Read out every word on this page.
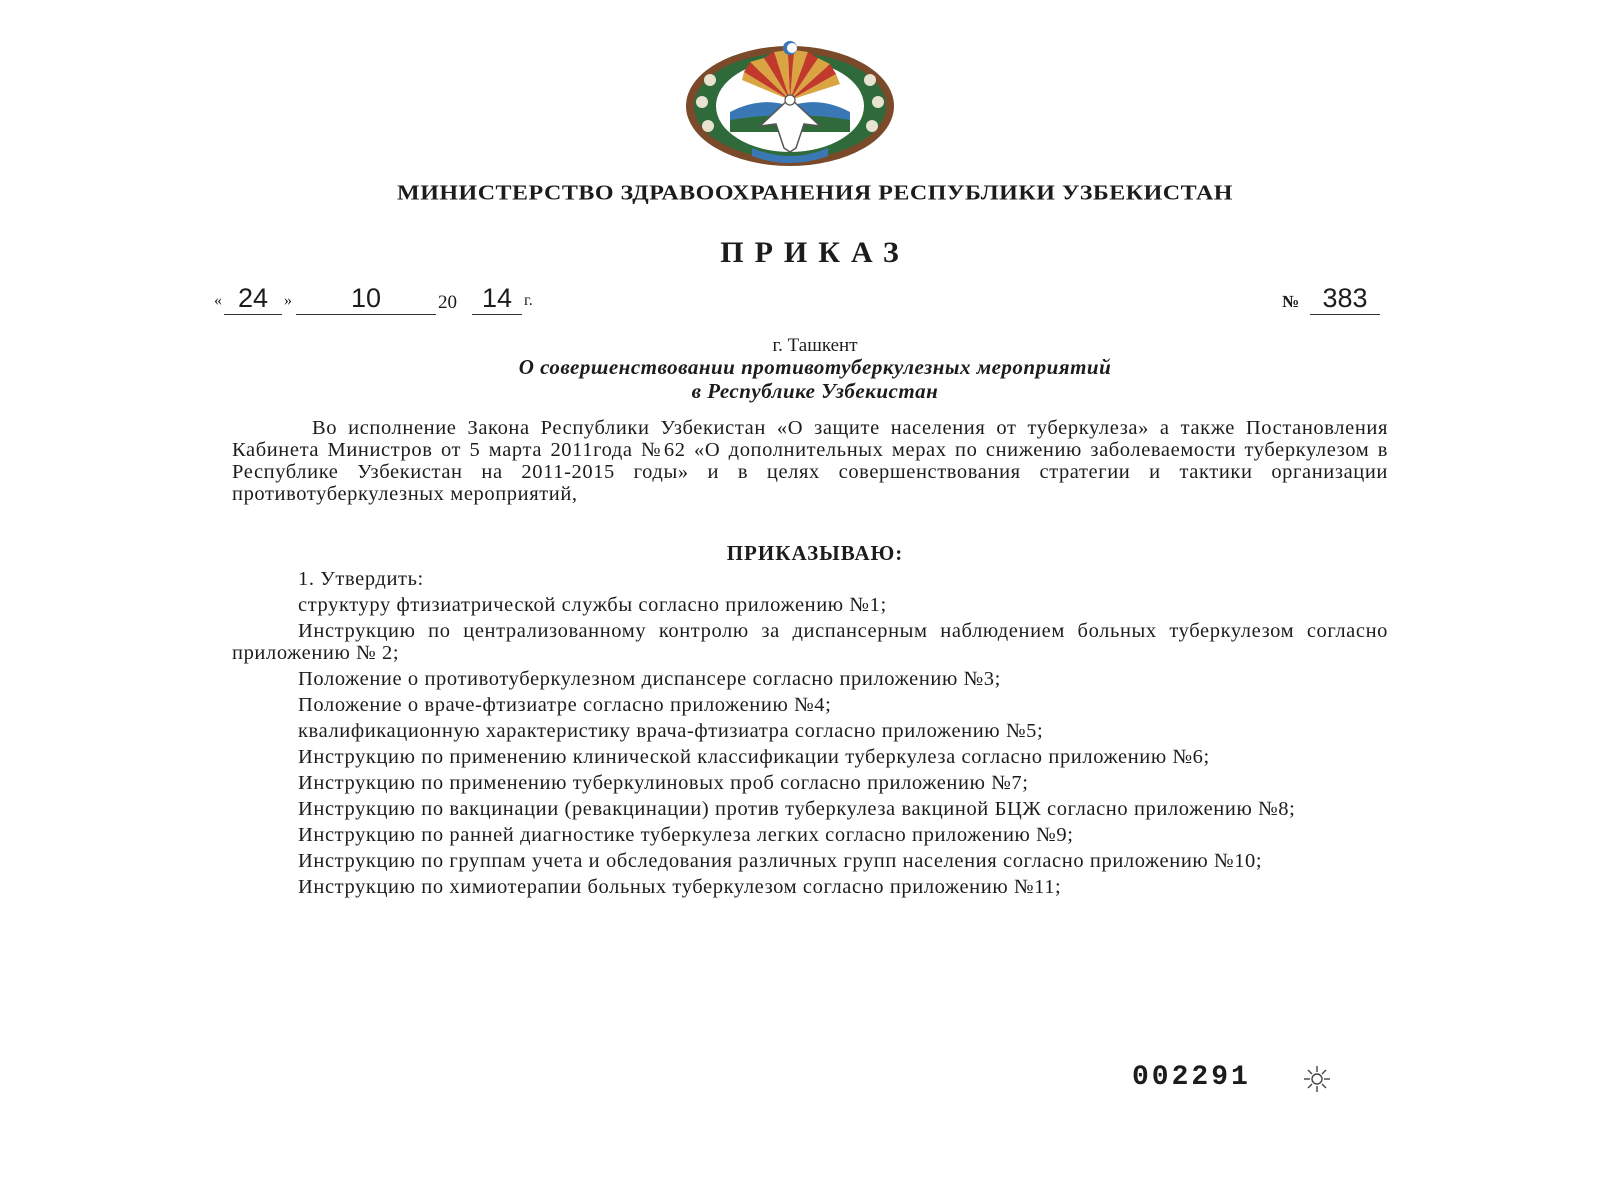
МИНИСТЕРСТВО ЗДРАВООХРАНЕНИЯ РЕСПУБЛИКИ УЗБЕКИСТАН
ПРИКАЗ
« 24 »	10	20 14 г.	№ 383
г. Ташкент
О совершенствовании противотуберкулезных мероприятий
в Республике Узбекистан
Во исполнение Закона Республики Узбекистан «О защите населения от туберкулеза» а также Постановления Кабинета Министров от 5 марта 2011года №62 «О дополнительных мерах по снижению заболеваемости туберкулезом в Республике Узбекистан на 2011-2015 годы» и в целях совершенствования стратегии и тактики организации противотуберкулезных мероприятий,
ПРИКАЗЫВАЮ:

1. Утвердить:

структуру фтизиатрической службы согласно приложению №1;

Инструкцию по централизованному контролю за диспансерным наблюдением больных туберкулезом согласно приложению № 2;

Положение о противотуберкулезном диспансере согласно приложению №3;

Положение о враче-фтизиатре согласно приложению №4;

квалификационную характеристику врача-фтизиатра согласно приложению №5;

Инструкцию по применению клинической классификации туберкулеза согласно приложению №6;

Инструкцию по применению туберкулиновых проб согласно приложению №7;

Инструкцию по вакцинации (ревакцинации) против туберкулеза вакциной БЦЖ согласно приложению №8;

Инструкцию по ранней диагностике туберкулеза легких согласно приложению №9;

Инструкцию по группам учета и обследования различных групп населения согласно приложению №10;

Инструкцию по химиотерапии больных туберкулезом согласно приложению №11;

002291
